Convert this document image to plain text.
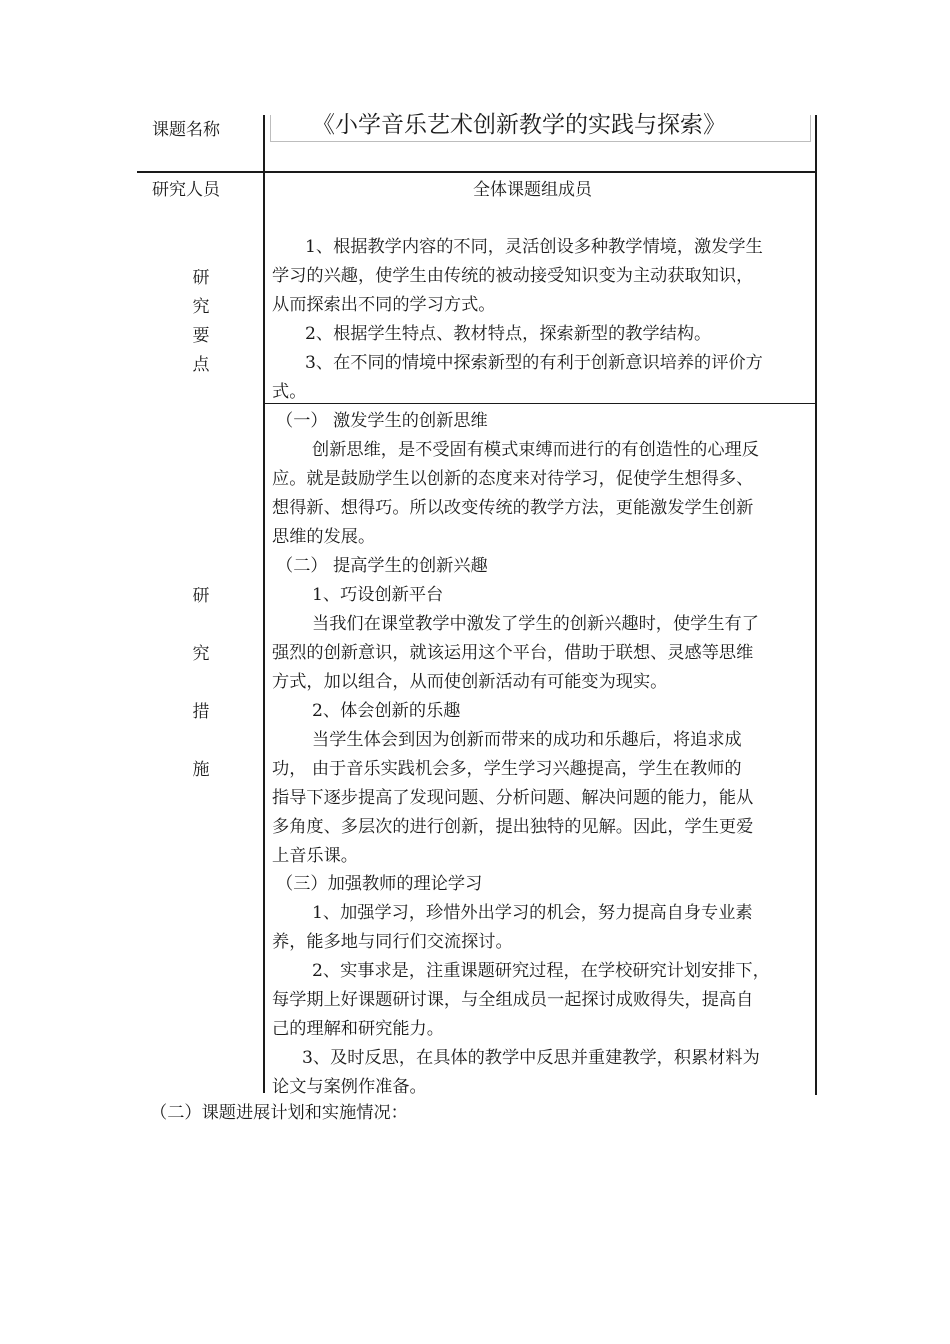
课题名称	《小学音乐艺术创新教学的实践与探索》
研究人员	全体课题组成员
研
究
要
点
1、根据教学内容的不同，灵活创设多种教学情境，激发学生
学习的兴趣，使学生由传统的被动接受知识变为主动获取知识，
从而探索出不同的学习方式。
2、根据学生特点、教材特点，探索新型的教学结构。
3、在不同的情境中探索新型的有利于创新意识培养的评价方
式。
研
究
措
施
（一） 激发学生的创新思维
创新思维，是不受固有模式束缚而进行的有创造性的心理反
应。就是鼓励学生以创新的态度来对待学习，促使学生想得多、
想得新、想得巧。所以改变传统的教学方法，更能激发学生创新
思维的发展。
（二） 提高学生的创新兴趣
1、巧设创新平台
当我们在课堂教学中激发了学生的创新兴趣时，使学生有了
强烈的创新意识，就该运用这个平台，借助于联想、灵感等思维
方式，加以组合，从而使创新活动有可能变为现实。
2、体会创新的乐趣
当学生体会到因为创新而带来的成功和乐趣后，将追求成
功， 由于音乐实践机会多，学生学习兴趣提高，学生在教师的
指导下逐步提高了发现问题、分析问题、解决问题的能力，能从
多角度、多层次的进行创新，提出独特的见解。因此，学生更爱
上音乐课。
（三）加强教师的理论学习
1、加强学习，珍惜外出学习的机会，努力提高自身专业素
养，能多地与同行们交流探讨。
2、实事求是，注重课题研究过程，在学校研究计划安排下，
每学期上好课题研讨课，与全组成员一起探讨成败得失，提高自
己的理解和研究能力。
3、及时反思，在具体的教学中反思并重建教学，积累材料为
论文与案例作准备。
（二）课题进展计划和实施情况：
